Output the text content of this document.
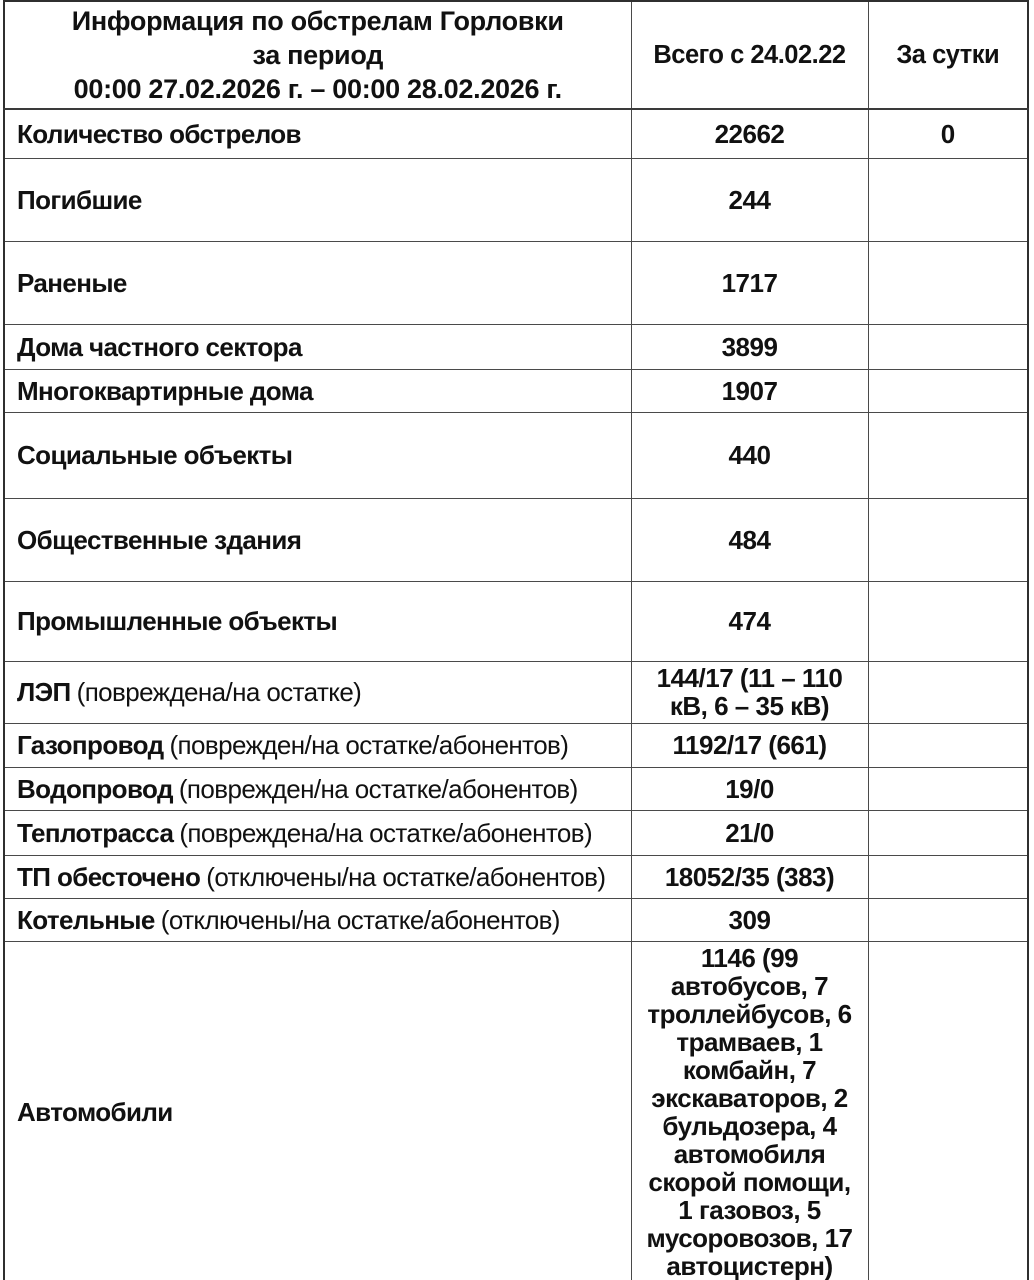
Информация по обстрелам Горловки
за период
00:00 27.02.2026 г. – 00:00 28.02.2026 г.	Всего с 24.02.22	За сутки
Количество обстрелов	22662	0
Погибшие	244	
Раненые	1717	
Дома частного сектора	3899	
Многоквартирные дома	1907	
Социальные объекты	440	
Общественные здания	484	
Промышленные объекты	474	
ЛЭП (повреждена/на остатке)	144/17 (11 – 110 кВ, 6 – 35 кВ)	
Газопровод (поврежден/на остатке/абонентов)	1192/17 (661)	
Водопровод (поврежден/на остатке/абонентов)	19/0	
Теплотрасса (повреждена/на остатке/абонентов)	21/0	
ТП обесточено (отключены/на остатке/абонентов)	18052/35 (383)	
Котельные (отключены/на остатке/абонентов)	309	
Автомобили	1146 (99 автобусов, 7 троллейбусов, 6 трамваев, 1 комбайн, 7 экскаваторов, 2 бульдозера, 4 автомобиля скорой помощи, 1 газовоз, 5 мусоровозов, 17 автоцистерн)	
